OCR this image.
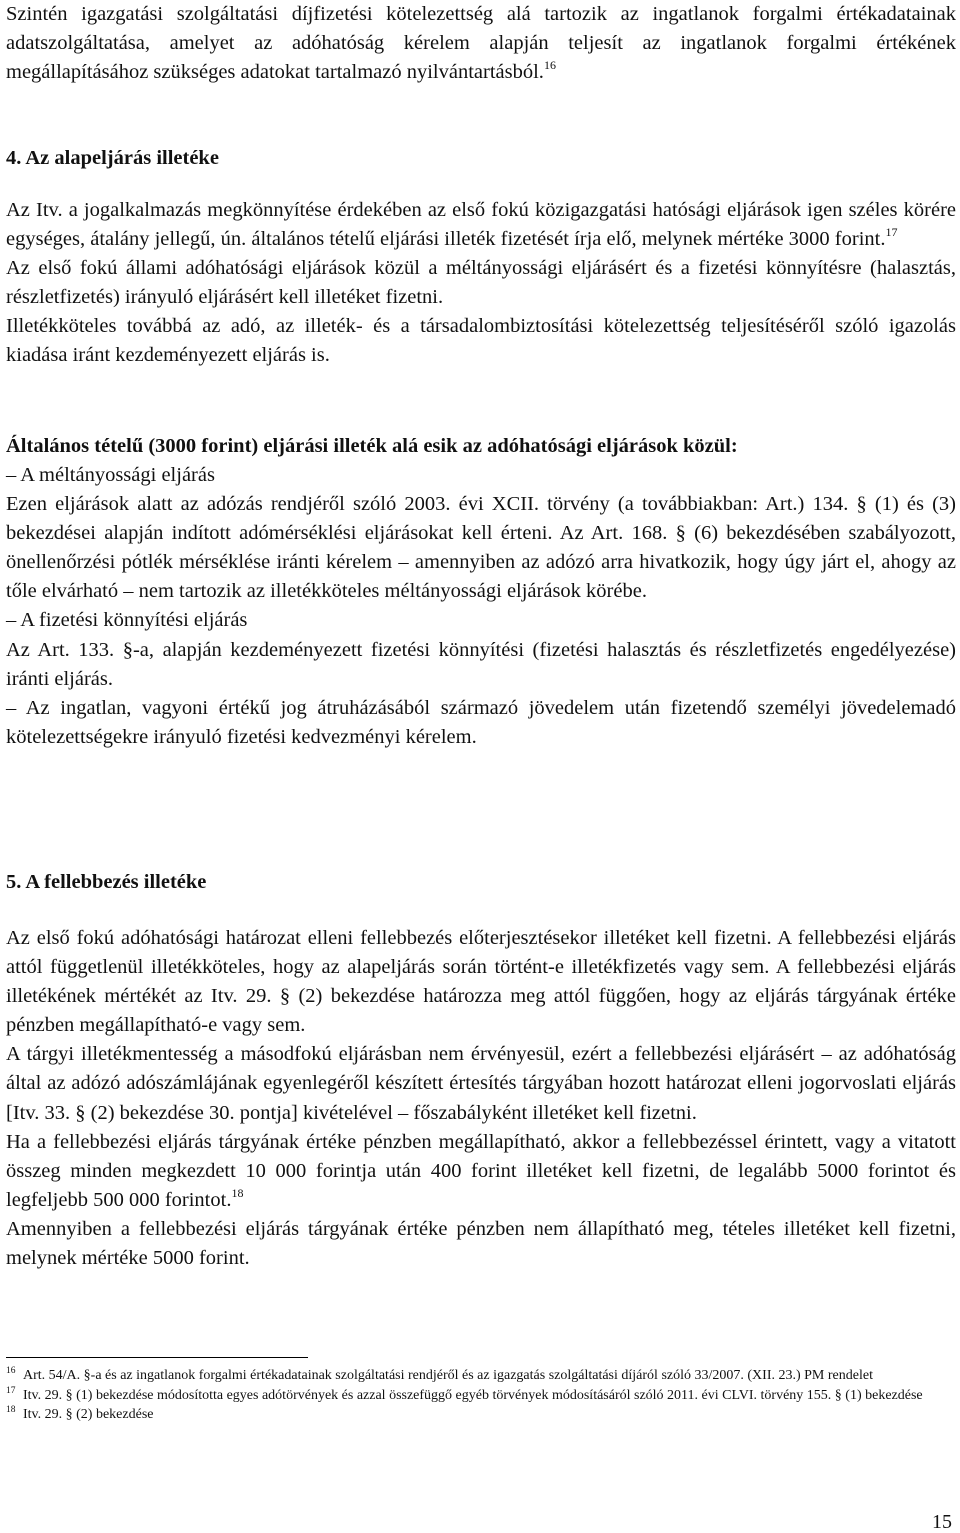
Szintén igazgatási szolgáltatási díjfizetési kötelezettség alá tartozik az ingatlanok forgalmi értékadatainak adatszolgáltatása, amelyet az adóhatóság kérelem alapján teljesít az ingatlanok forgalmi értékének megállapításához szükséges adatokat tartalmazó nyilvántartásból.$^{16}$
4. Az alapeljárás illetéke

Az Itv. a jogalkalmazás megkönnyítése érdekében az első fokú közigazgatási hatósági eljárások igen széles körére egységes, átalány jellegű, ún. általános tételű eljárási illeték fizetését írja elő, melynek mértéke 3000 forint.$^{17}$

Az első fokú állami adóhatósági eljárások közül a méltányossági eljárásért és a fizetési könnyítésre (halasztás, részletfizetés) irányuló eljárásért kell illetéket fizetni.

Illetékköteles továbbá az adó, az illeték- és a társadalombiztosítási kötelezettség teljesítéséről szóló igazolás kiadása iránt kezdeményezett eljárás is.

Általános tételű (3000 forint) eljárási illeték alá esik az adóhatósági eljárások közül:

– A méltányossági eljárás

Ezen eljárások alatt az adózás rendjéről szóló 2003. évi XCII. törvény (a továbbiakban: Art.) 134. § (1) és (3) bekezdései alapján indított adómérséklési eljárásokat kell érteni. Az Art. 168. § (6) bekezdésében szabályozott, önellenőrzési pótlék mérséklése iránti kérelem – amennyiben az adózó arra hivatkozik, hogy úgy járt el, ahogy az tőle elvárható – nem tartozik az illetékköteles méltányossági eljárások körébe.

– A fizetési könnyítési eljárás

Az Art. 133. §-a, alapján kezdeményezett fizetési könnyítési (fizetési halasztás és részletfizetés engedélyezése) iránti eljárás.

– Az ingatlan, vagyoni értékű jog átruházásából származó jövedelem után fizetendő személyi jövedelemadó kötelezettségekre irányuló fizetési kedvezményi kérelem.

5. A fellebbezés illetéke

Az első fokú adóhatósági határozat elleni fellebbezés előterjesztésekor illetéket kell fizetni. A fellebbezési eljárás attól függetlenül illetékköteles, hogy az alapeljárás során történt-e illetékfizetés vagy sem. A fellebbezési eljárás illetékének mértékét az Itv. 29. § (2) bekezdése határozza meg attól függően, hogy az eljárás tárgyának értéke pénzben megállapítható-e vagy sem.

A tárgyi illetékmentesség a másodfokú eljárásban nem érvényesül, ezért a fellebbezési eljárásért – az adóhatóság által az adózó adószámlájának egyenlegéről készített értesítés tárgyában hozott határozat elleni jogorvoslati eljárás [Itv. 33. § (2) bekezdése 30. pontja] kivételével – főszabályként illetéket kell fizetni.

Ha a fellebbezési eljárás tárgyának értéke pénzben megállapítható, akkor a fellebbezéssel érintett, vagy a vitatott összeg minden megkezdett 10 000 forintja után 400 forint illetéket kell fizetni, de legalább 5000 forintot és legfeljebb 500 000 forintot.$^{18}$

Amennyiben a fellebbezési eljárás tárgyának értéke pénzben nem állapítható meg, tételes illetéket kell fizetni, melynek mértéke 5000 forint.

16 Art. 54/A. §-a és az ingatlanok forgalmi értékadatainak szolgáltatási rendjéről és az igazgatás szolgáltatási díjáról szóló 33/2007. (XII. 23.) PM rendelet
17 Itv. 29. § (1) bekezdése módosította egyes adótörvények és azzal összefüggő egyéb törvények módosításáról szóló 2011. évi CLVI. törvény 155. § (1) bekezdése
18 Itv. 29. § (2) bekezdése
15
